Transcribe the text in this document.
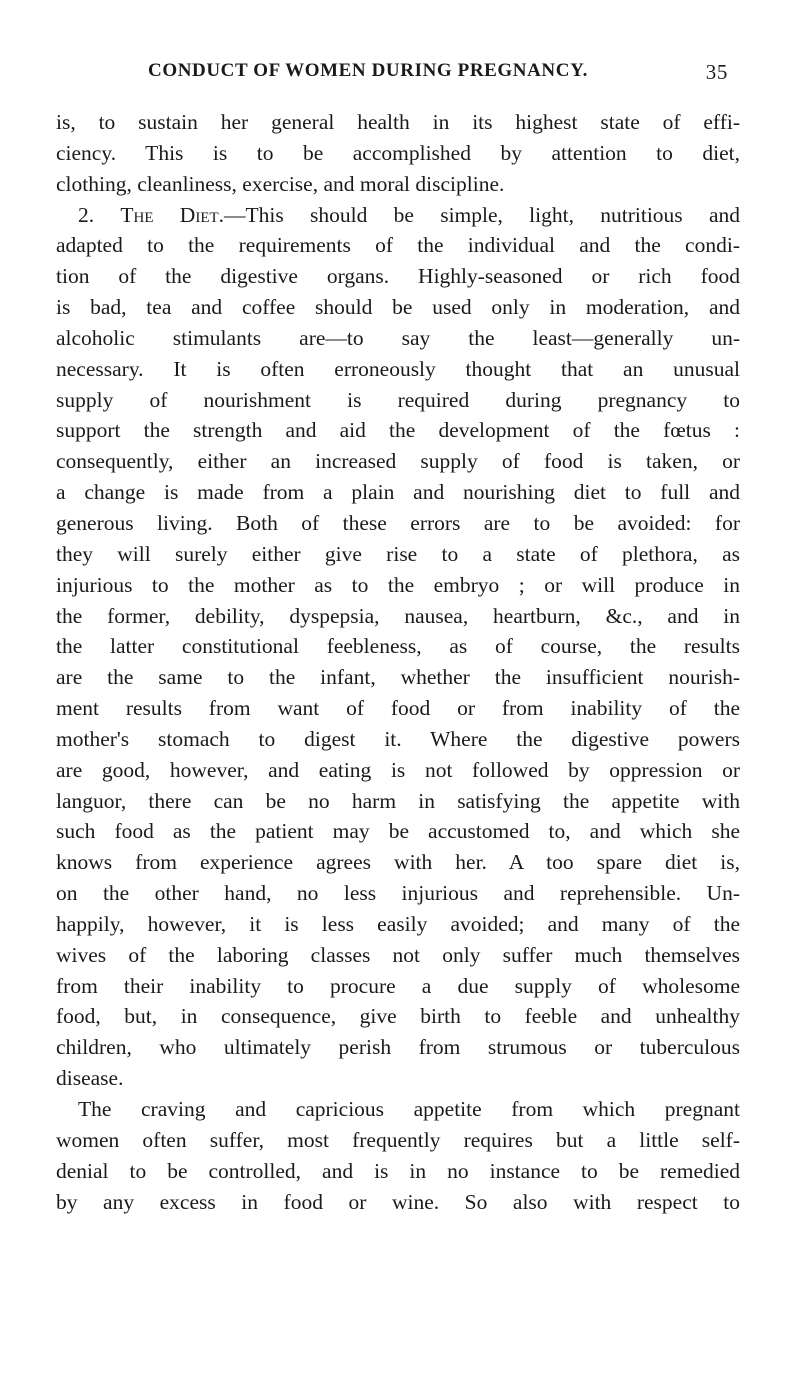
CONDUCT OF WOMEN DURING PREGNANCY.	35
is, to sustain her general health in its highest state of effi-
ciency. This is to be accomplished by attention to diet,
clothing, cleanliness, exercise, and moral discipline.
2. The Diet.—This should be simple, light, nutritious and
adapted to the requirements of the individual and the condi-
tion of the digestive organs. Highly-seasoned or rich food
is bad, tea and coffee should be used only in moderation, and
alcoholic stimulants are—to say the least—generally un-
necessary. It is often erroneously thought that an unusual
supply of nourishment is required during pregnancy to
support the strength and aid the development of the fœtus :
consequently, either an increased supply of food is taken, or
a change is made from a plain and nourishing diet to full and
generous living. Both of these errors are to be avoided: for
they will surely either give rise to a state of plethora, as
injurious to the mother as to the embryo ; or will produce in
the former, debility, dyspepsia, nausea, heartburn, &c., and in
the latter constitutional feebleness, as of course, the results
are the same to the infant, whether the insufficient nourish-
ment results from want of food or from inability of the
mother's stomach to digest it. Where the digestive powers
are good, however, and eating is not followed by oppression or
languor, there can be no harm in satisfying the appetite with
such food as the patient may be accustomed to, and which she
knows from experience agrees with her. A too spare diet is,
on the other hand, no less injurious and reprehensible. Un-
happily, however, it is less easily avoided; and many of the
wives of the laboring classes not only suffer much themselves
from their inability to procure a due supply of wholesome
food, but, in consequence, give birth to feeble and unhealthy
children, who ultimately perish from strumous or tuberculous
disease.
The craving and capricious appetite from which pregnant
women often suffer, most frequently requires but a little self-
denial to be controlled, and is in no instance to be remedied
by any excess in food or wine. So also with respect to
